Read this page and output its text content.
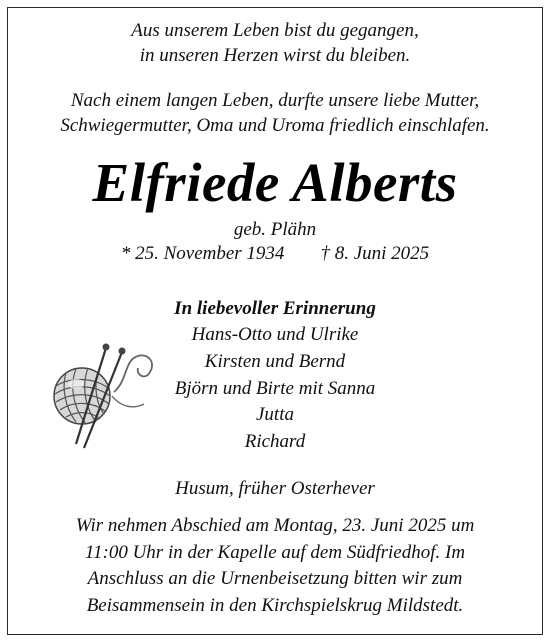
Aus unserem Leben bist du gegangen,
in unseren Herzen wirst du bleiben.
Nach einem langen Leben, durfte unsere liebe Mutter,
Schwiegermutter, Oma und Uroma friedlich einschlafen.
Elfriede Alberts
geb. Plähn
* 25. November 1934 † 8. Juni 2025
In liebevoller Erinnerung
Hans-Otto und Ulrike
Kirsten und Bernd
Björn und Birte mit Sanna
Jutta
Richard
Husum, früher Osterhever
Wir nehmen Abschied am Montag, 23. Juni 2025 um
11:00 Uhr in der Kapelle auf dem Südfriedhof. Im
Anschluss an die Urnenbeisetzung bitten wir zum
Beisammensein in den Kirchspielskrug Mildstedt.
